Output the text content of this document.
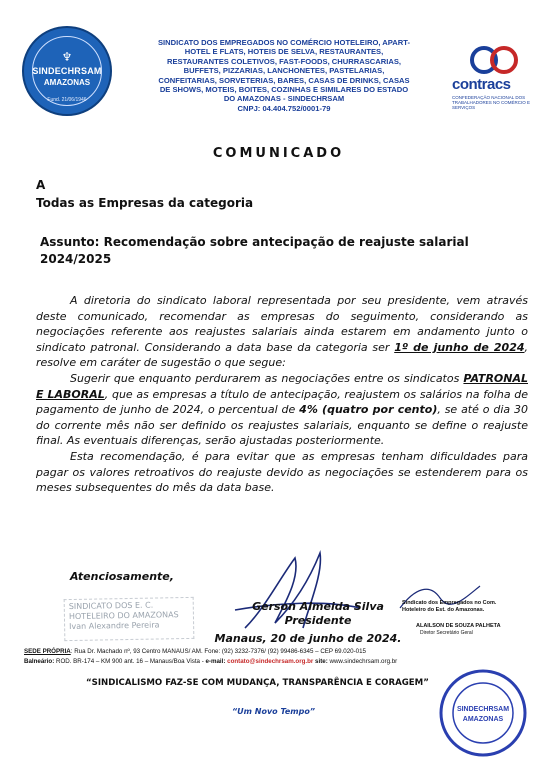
♆
SINDECHRSAM
AMAZONAS
Fund. 21/06/1946
SINDICATO DOS EMPREGADOS NO COMÉRCIO HOTELEIRO, APART-
HOTEL E FLATS, HOTEIS DE SELVA, RESTAURANTES,
RESTAURANTES COLETIVOS, FAST-FOODS, CHURRASCARIAS,
BUFFETS, PIZZARIAS, LANCHONETES, PASTELARIAS,
CONFEITARIAS, SORVETERIAS, BARES, CASAS DE DRINKS, CASAS
DE SHOWS, MOTEIS, BOITES, COZINHAS E SIMILARES DO ESTADO
DO AMAZONAS - SINDECHRSAM
CNPJ: 04.404.752/0001-79
contracs
CONFEDERAÇÃO NACIONAL DOS TRABALHADORES NO COMÉRCIO E SERVIÇOS
COMUNICADO
A
Todas as Empresas da categoria
Assunto: Recomendação sobre antecipação de reajuste salarial 2024/2025

A diretoria do sindicato laboral representada por seu presidente, vem através deste comunicado, recomendar as empresas do seguimento, considerando as negociações referente aos reajustes salariais ainda estarem em andamento junto o sindicato patronal. Considerando a data base da categoria ser 1º de junho de 2024, resolve em caráter de sugestão o que segue:

Sugerir que enquanto perdurarem as negociações entre os sindicatos PATRONAL E LABORAL, que as empresas a título de antecipação, reajustem os salários na folha de pagamento de junho de 2024, o percentual de 4% (quatro por cento), se até o dia 30 do corrente mês não ser definido os reajustes salariais, enquanto se define o reajuste final. As eventuais diferenças, serão ajustadas posteriormente.

Esta recomendação, é para evitar que as empresas tenham dificuldades para pagar os valores retroativos do reajuste devido as negociações se estenderem para os meses subsequentes do mês da data base.

Atenciosamente,
SINDICATO DOS E. C.
HOTELEIRO DO AMAZONAS
Ivan Alexandre Pereira
Gerson Almeida Silva
Presidente
Manaus, 20 de junho de 2024.
Sindicato dos Empregados no Com.
Hoteleiro do Est. do Amazonas.
ALAILSON DE SOUZA PALHETA
Diretor Secretário Geral
SEDE PRÓPRIA: Rua Dr. Machado nº, 93 Centro MANAUS/ AM. Fone: (92) 3232-7376/ (92) 99486-6345 – CEP 69.020-015
Balneário: ROD. BR-174 – KM 900 ant. 16 – Manaus/Boa Vista - e-mail: contato@sindechrsam.org.br site: www.sindechrsam.org.br
“SINDICALISMO FAZ-SE COM MUDANÇA, TRANSPARÊNCIA E CORAGEM”
“Um Novo Tempo”	SINDECHRSAM
AMAZONAS
